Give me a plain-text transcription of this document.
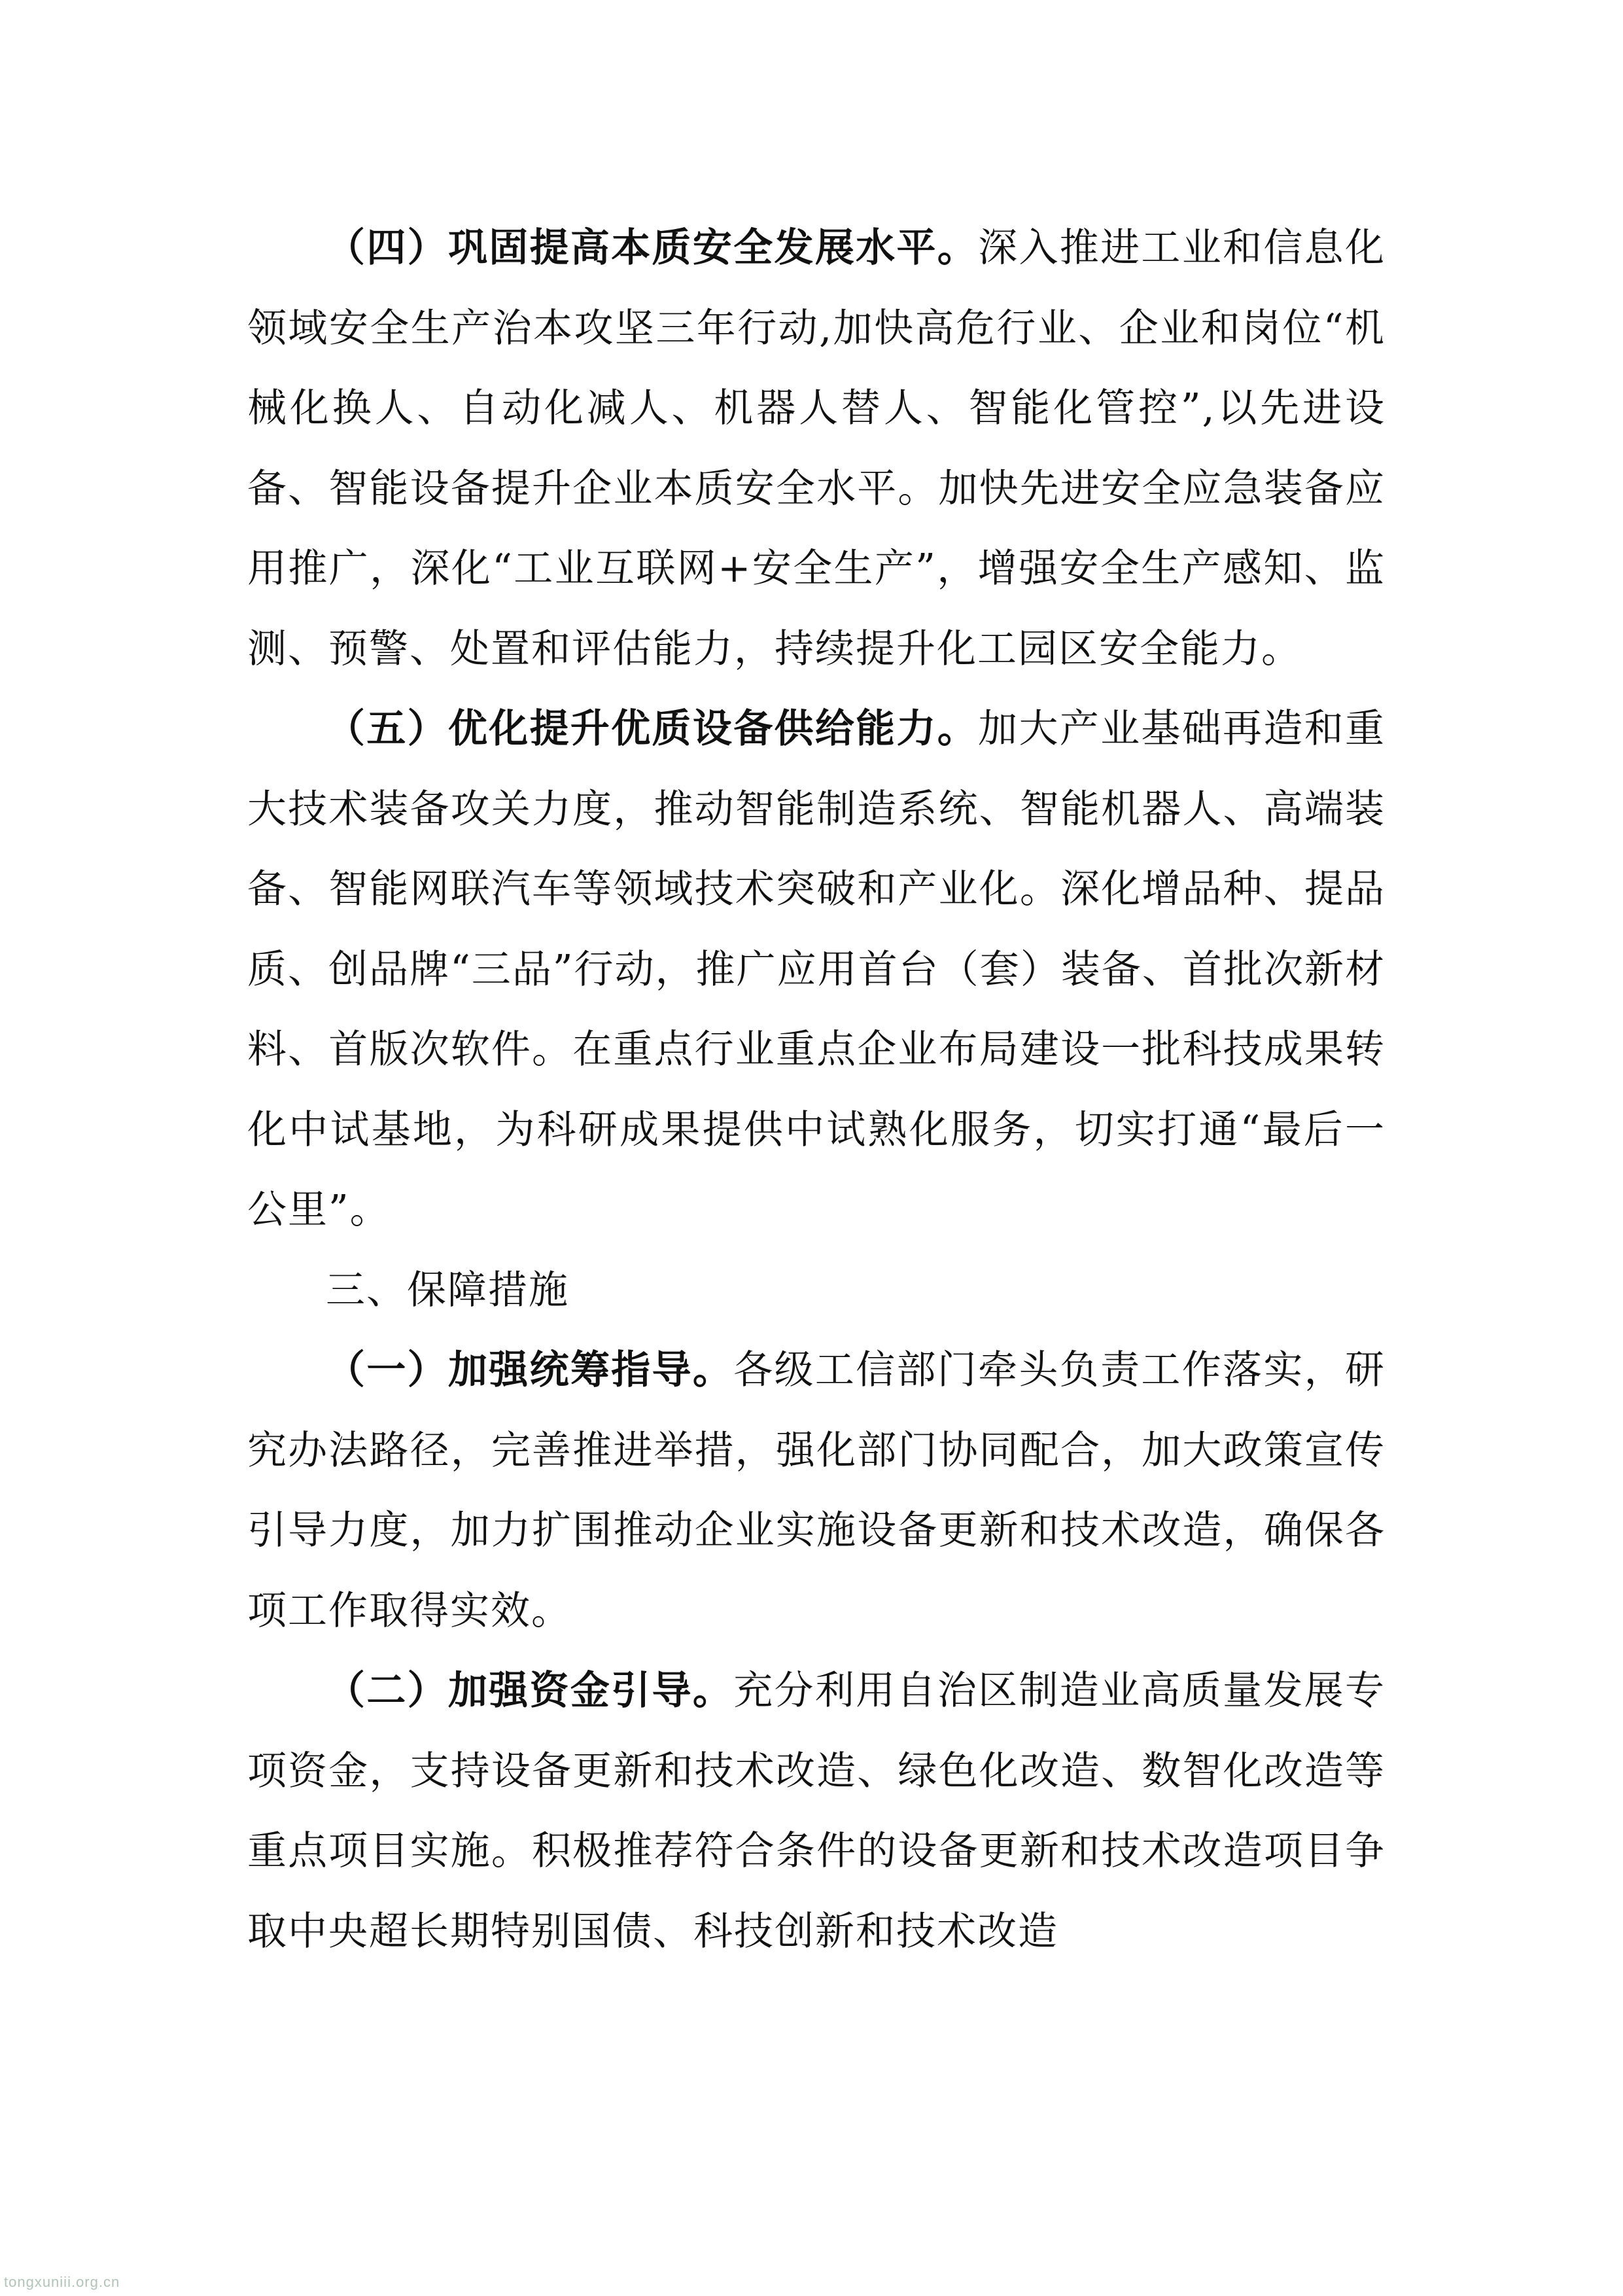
（四）巩固提高本质安全发展水平。深入推进工业和信息化领域安全生产治本攻坚三年行动,加快高危行业、企业和岗位“机械化换人、自动化减人、机器人替人、智能化管控”,以先进设备、智能设备提升企业本质安全水平。加快先进安全应急装备应用推广，深化“工业互联网+安全生产”，增强安全生产感知、监测、预警、处置和评估能力，持续提升化工园区安全能力。

（五）优化提升优质设备供给能力。加大产业基础再造和重大技术装备攻关力度，推动智能制造系统、智能机器人、高端装备、智能网联汽车等领域技术突破和产业化。深化增品种、提品质、创品牌“三品”行动，推广应用首台（套）装备、首批次新材料、首版次软件。在重点行业重点企业布局建设一批科技成果转化中试基地，为科研成果提供中试熟化服务，切实打通“最后一公里”。

三、保障措施

（一）加强统筹指导。各级工信部门牵头负责工作落实，研究办法路径，完善推进举措，强化部门协同配合，加大政策宣传引导力度，加力扩围推动企业实施设备更新和技术改造，确保各项工作取得实效。

（二）加强资金引导。充分利用自治区制造业高质量发展专项资金，支持设备更新和技术改造、绿色化改造、数智化改造等重点项目实施。积极推荐符合条件的设备更新和技术改造项目争取中央超长期特别国债、科技创新和技术改造

tongxuniii.org.cn
